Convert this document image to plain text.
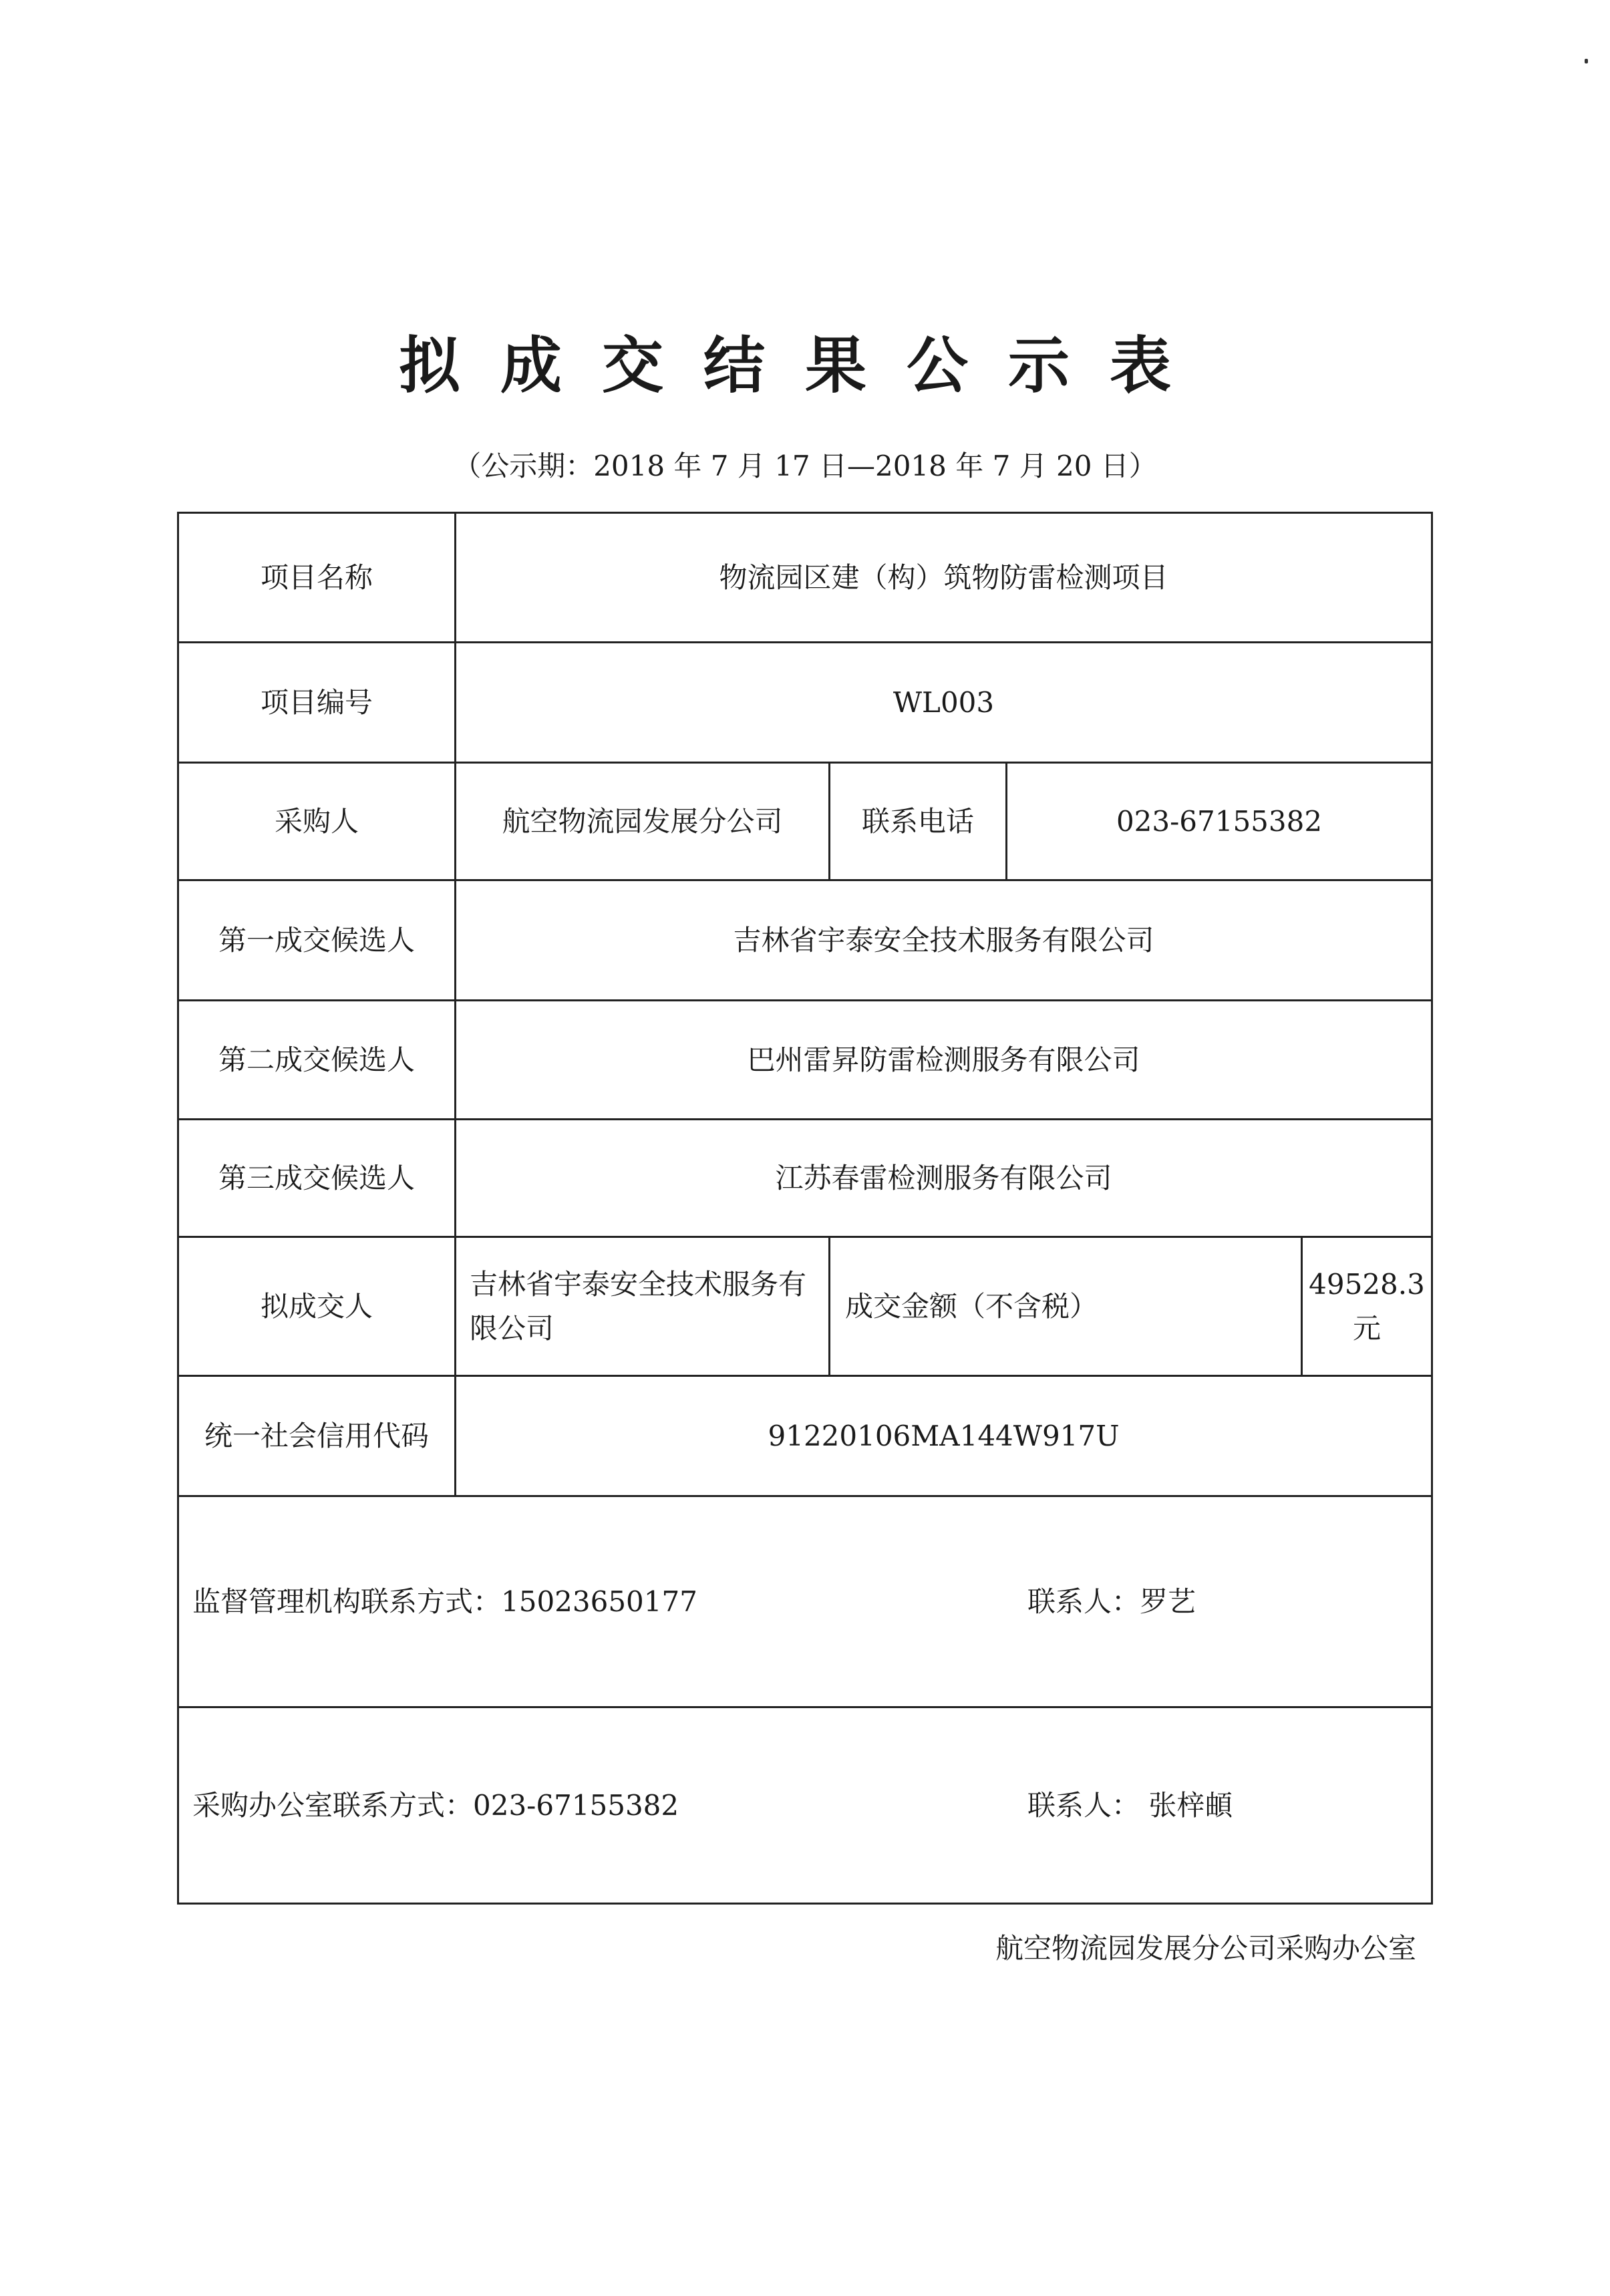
拟成交结果公示表
（公示期：2018 年 7 月 17 日—2018 年 7 月 20 日）
项目名称	物流园区建（构）筑物防雷检测项目			
项目编号	WL003			
采购人	航空物流园发展分公司	联系电话	023-67155382	
第一成交候选人	吉林省宇泰安全技术服务有限公司			
第二成交候选人	巴州雷昇防雷检测服务有限公司			
第三成交候选人	江苏春雷检测服务有限公司			
拟成交人	吉林省宇泰安全技术服务有限公司	成交金额（不含税）		49528.3 元
统一社会信用代码	91220106MA144W917U			

监督管理机构联系方式：15023650177 联系人：罗艺				

采购办公室联系方式：023-67155382 联系人： 张梓頔				
航空物流园发展分公司采购办公室
